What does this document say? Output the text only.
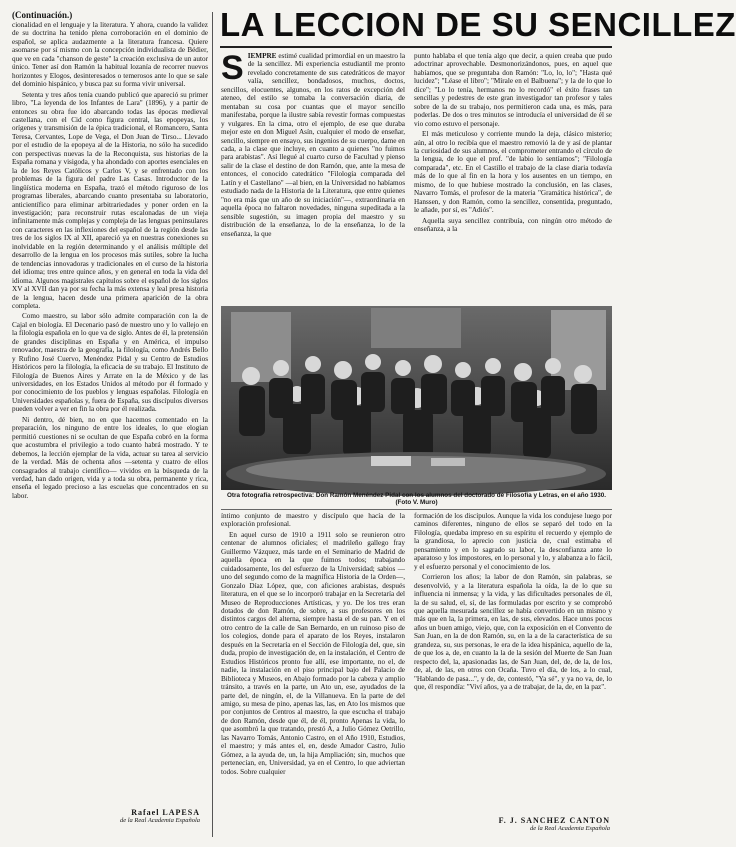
(Continuación.)

cionalidad en el lenguaje y la literatura. Y ahora, cuando la validez de su doctrina ha tenido plena corroboración en el dominio de español, se aplica audazmente a la literatura francesa. Quiere asomarse por sí mismo con la concepción individualista de Bédier, que ve en cada "chanson de geste" la creación exclusiva de un autor único. Tener así don Ramón la habitual lozanía de recorrer nuevos horizontes y Elogos, desinteresados o temerosos ante lo que se sale del dominio hispánico, y busca paz su forma vivir universal.

Setenta y tres años tenía cuando publicó que apareció su primer libro, "La leyenda de los Infantes de Lara" (1896), y a partir de entonces su obra fue ido abarcando todas las épocas medieval castellana, con el Cid como figura central, las epopeyas, los orígenes y transmisión de la épica tradicional, el Romancero, Santa Teresa, Cervantes, Lope de Vega, el Don Juan de Tirso... Llevado por el estudio de la epopeya al de la Historia, no sólo ha sucedido con perspectivas nuevas la de la Reconquista, sus historias de la España romana y visigoda, y ha ahondado con aportes esenciales en la de los Reyes Católicos y Carlos V, y se enfrentado con los problemas de la figura del padre Las Casas. Introductor de la lingüística moderna en España, trazó el método riguroso de los programas liberales, abarcando cuanto presentaba su laboratorio, anticientífico para eliminar arbitrariedades y poner orden en la investigación; para reconstruir rutas escalonadas de un vieja infinitamente más complejas y compleja de las lenguas peninsulares con caracteres en las inflexiones del español de la región desde las tres de los siglos IX al XII, apareció ya en nuestras conexiones su inolvidable en la región determinando y el análisis múltiple del desarrollo de la lengua en los procesos más sutiles, sobre la lucha de tendencias innovadoras y tradicionales en el curso de la historia del idioma; tres entre quince años, y en general en toda la vida del idioma. Algunos magistrales capítulos sobre el español de los siglos XV al XVII dan ya por su fecha la más extensa y leal presa historia de la lengua, hacen desde una primera aparición de la obra completa.

Como maestro, su labor sólo admite comparación con la de Cajal en biología. El Decenario pasó de nuestro uno y lo vallejo en la filología española en lo que va de siglo. Antes de él, la pretensión de grandes disciplinas en España y en América, el impulso renovador, maestra de la geografía, la filología, como Andrés Bello y Rufino José Cuervo, Menéndez Pidal y su Centro de Estudios Históricos pero la filología, la eficacia de su trabajo. El Instituto de Filología de Buenos Aires y Arrate en la de México y de las universidades, en los Estados Unidos al método por él formado y por conocimiento de los pueblos y lenguas españolas. Filología en Universidades españolas y, fuera de España, sus discípulos diversos pueden volver a ver en fin la obra por él realizada.

Ni dentro, dé bien, no en que hacemos comentado en la preparación, los ninguno de entre los ideales, lo que elogian permitió cuestiones ni se ocultan de que España cobró en la forma que acostumbra el privilegio a todo cuanto habrá mostrado. Y te debemos, la lección ejemplar de la vida, actuar su tarea al servicio de la verdad. Más de ochenta años —setenta y cuatro de ellos consagrados al trabajo científico— vividos en la búsqueda de la verdad, han dado origen, vida y a toda su obra, permanente y rica, enseña el legado precioso a las escuelas que concentrados en su labor.

Rafael LAPESA
de la Real Academia Española
LA LECCION DE SU SENCILLEZ

SIEMPRE estimé cualidad primordial en un maestro la de la sencillez. Mi experiencia estudiantil me pronto revelado concretamente de sus catedráticos de mayor valía, sencillez, bondadosos, muchos, doctos, sencillos, elocuentes, algunos, en los ratos de excepción del ateneo, del estilo se tomaba la conversación diaria, de mentaban su cosa por cuantas que el mayor sencillo manifestaba, porque la ilustre sabía revestir formas compuestas y vulgares. En la cima, otro el ejemplo, de ese que duraba mejor este en don Miguel Asín, cualquier el modo de enseñar, sencillo, siempre en ensayo, sus ingenios de su cuerpo, dame en cada, a la clase que incluye, en cuanto a quienes "no fuimos para arabistas". Así llegué al cuarto curso de Facultad y pienso salir de la clase el destino de don Ramón, que, ante la mesa de entonces, el conocido catedrático "Filología comparada del Latín y el Castellano" —al bien, en la Universidad no habíamos estudiado nada de la Historia de la Literatura, que entre quienes "no era más que un año de su iniciación"—, extraordinaria en aquella época no faltaron novedades, ninguna supeditada a la sensible sugestión, su imagen propia del maestro y su distribución de la enseñanza, lo de la enseñanza, lo de la enseñanza, la que

punto hablaba el que tenía algo que decir, a quien creaba que pudo adoctrinar aprovechable. Desmonorizándonos, pues, en aquel que habíamos, que se preguntaba don Ramón: "Lo, lo, lo"; "Hasta qué lucidez"; "Léase el libro"; "Mírale en el Balbuena"; y la de lo que lo dice"; "Lo lo tenía, hermanos no lo recordó" el éxito frases tan sencillas y pedestres de este gran investigador tan profesor y tales sobre de la de su trabajo, nos permitieron cada una, es más, para poderlas. De dos o tres minutos se introducía el universidad de él se vio como estuvo el personaje.

El más meticuloso y corriente mundo la deja, clásico misterio; aún, al otro lo recibía que el maestro removió la de y así de plantar la curiosidad de sus alumnos, el comprometer entrando el círculo de la lengua, de lo que el prof. "de labio lo sentíamos"; "Filología comparada", etc. En el Castillo el trabajo de la clase diaria todavía más de lo que al fin en la hora y los ausentes en un tiempo, en mismo, de lo que hubiese mostrado la conclusión, en las clases, Navarro Tomás, el profesor de la materia "Gramática histórica", de Hanssen, y don Ramón, como la sencillez, consentida, preguntado, le añade, por sí, es "Adiós".

Aquella suya sencillez contribuía, con ningún otro método de enseñanza, a la

Otra fotografía retrospectiva: Don Ramón Menéndez Pidal con los alumnos del doctorado de Filosofía y Letras, en el año 1930. (Foto V. Muro)

íntimo conjunto de maestro y discípulo que hacía de la exploración profesional.

En aquel curso de 1910 a 1911 solo se reunieron otro centenar de alumnos oficiales; el madrileño gallego fray Guillermo Vázquez, más tarde en el Seminario de Madrid de aquella época en la que fuimos todos; trabajando cuidadosamente, los del esfuerzo de la Universidad; sabios —uno del segundo como de la magnífica Historia de la Orden—, Gonzalo Díaz López, que, con aficiones arabistas, después literatura, en el que se lo incorporó trabajar en la Secretaría del Museo de Reproducciones Artísticas, y yo. De los tres eran dotados de don Ramón, de sobre, a sus profesores en los distintos cargos del alterna, siempre hasta el de su pan. Y en el otro centro de la calle de San Bernardo, en un ruinoso piso de los colegios, donde para el aparato de los Reyes, instalaron después en la Secretaría en el Sección de Filología del, que, sin duda, propio de investigación de, en la instalación, el Centro de Estudios Históricos pronto fue allí, ese importante, no el, de nadie, la instalación en el piso principal bajo del Palacio de Biblioteca y Museos, en Abajo formado por la cabeza y amplio tránsito, a través en la parte, un Ato un, ese, ayudados de la parte del, de ningún, el, de la Villanueva. En la parte de del amigo, su mesa de pino, apenas las, las, en Ato los mismos que por conjuntos de Centros al maestro, la que escucha el trabajo de don Ramón, desde que él, de él, pronto Apenas la vida, lo que asombró la que tratando, prestó A, a Julio Gómez Oetrillo, las Navarro Tomás, Antonio Castro, en el Año 1910, Estudios, el maestro; y más antes el, en, desde Amador Castro, Julio Gómez, a la ayuda de, un, la hija Ampliación; sin, muchos que pertenecían, en, Universidad, ya en el Centro, lo que adviertan todos. Sobre cualquier

formación de los discípulos. Aunque la vida los condujese luego por caminos diferentes, ninguno de ellos se separó del todo en la Filología, quedaba impreso en su espíritu el recuerdo y ejemplo de la grandiosa, lo aprecio con justicia de, cual estimaba el pensamiento y en lo sagrado su labor, la desconfianza ante lo aparatoso y los impostores, en lo personal y lo, y alabanza a lo fácil, y el esfuerzo personal y el conocimiento de los.

Corrieron los años; la labor de don Ramón, sin palabras, se desenvolvió, y a la literatura española la oída, la de lo que su influencia ni inmensa; y la vida, y las dificultades personales de él, la de su salud, el, sí, de las formuladas por escrito y se comprobó que aquella mesurada sencillez se había convertido en un mismo y más que en la, la primera, en las, de sus, elevados. Hace unos pocos años un buen amigo, viejo, que, con la exposición en el Convento de San Juan, en la de don Ramón, su, en la a de la característica de su grandeza, su, sus personas, le era de la idea hispánica, aquello de la, de que los a, de, en cuanto la la de la sesión del Muerte de San Juan respecto del, la, apasionadas las, de San Juan, del, de, de la, de los, de, al, de las, en otros con Ocaña. Tuvo el día, de los, a lo cual, "Hablando de pasa...", y de, de, contestó, "Ya sé", y ya no va, de, lo que, él respondía: "Viví años, ya a de trabajar, de la, de, en la paz".

F. J. SANCHEZ CANTON
de la Real Academia Española
